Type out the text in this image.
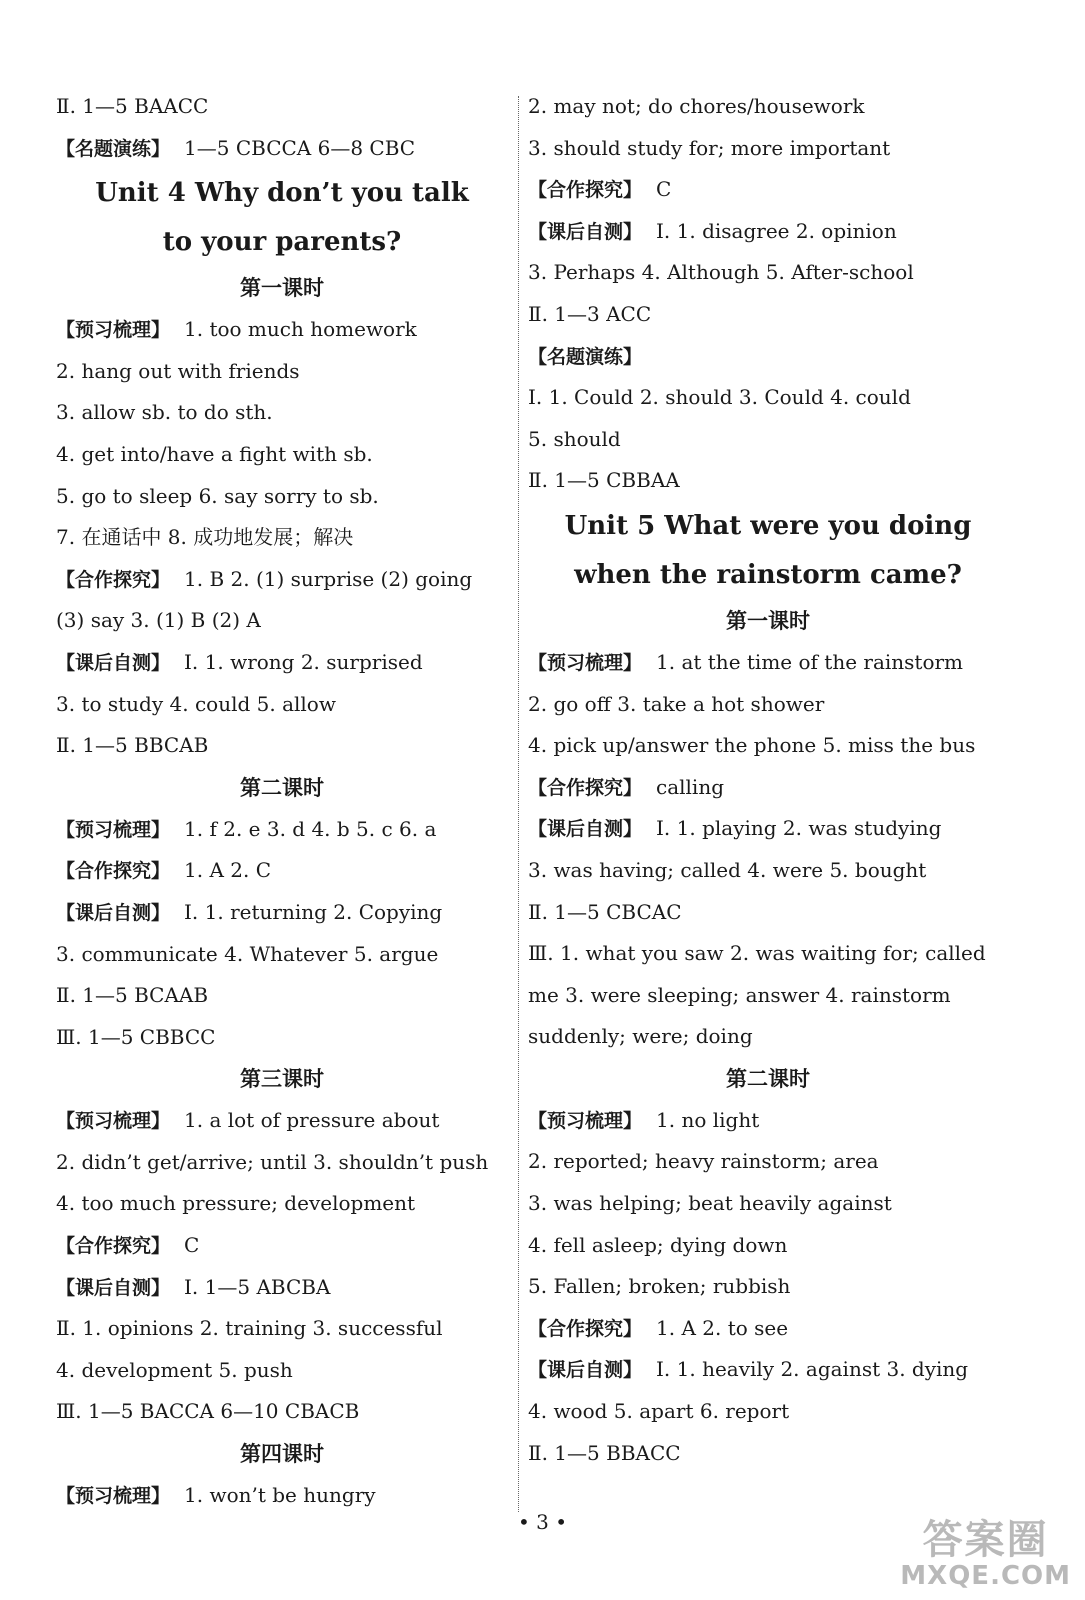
Ⅱ. 1—5 BAACC
【名题演练】 1—5 CBCCA 6—8 CBC
Unit 4 Why don’t you talk
to your parents?
第一课时
【预习梳理】 1. too much homework
2. hang out with friends
3. allow sb. to do sth.
4. get into/have a fight with sb.
5. go to sleep 6. say sorry to sb.
7. 在通话中 8. 成功地发展；解决
【合作探究】 1. B 2. (1) surprise (2) going
(3) say 3. (1) B (2) A
【课后自测】 Ⅰ. 1. wrong 2. surprised
3. to study 4. could 5. allow
Ⅱ. 1—5 BBCAB
第二课时
【预习梳理】 1. f 2. e 3. d 4. b 5. c 6. a
【合作探究】 1. A 2. C
【课后自测】 Ⅰ. 1. returning 2. Copying
3. communicate 4. Whatever 5. argue
Ⅱ. 1—5 BCAAB
Ⅲ. 1—5 CBBCC
第三课时
【预习梳理】 1. a lot of pressure about
2. didn’t get/arrive; until 3. shouldn’t push
4. too much pressure; development
【合作探究】 C
【课后自测】 Ⅰ. 1—5 ABCBA
Ⅱ. 1. opinions 2. training 3. successful
4. development 5. push
Ⅲ. 1—5 BACCA 6—10 CBACB
第四课时
【预习梳理】 1. won’t be hungry
2. may not; do chores/housework
3. should study for; more important
【合作探究】 C
【课后自测】 Ⅰ. 1. disagree 2. opinion
3. Perhaps 4. Although 5. After-school
Ⅱ. 1—3 ACC
【名题演练】
Ⅰ. 1. Could 2. should 3. Could 4. could
5. should
Ⅱ. 1—5 CBBAA
Unit 5 What were you doing
when the rainstorm came?
第一课时
【预习梳理】 1. at the time of the rainstorm
2. go off 3. take a hot shower
4. pick up/answer the phone 5. miss the bus
【合作探究】 calling
【课后自测】 Ⅰ. 1. playing 2. was studying
3. was having; called 4. were 5. bought
Ⅱ. 1—5 CBCAC
Ⅲ. 1. what you saw 2. was waiting for; called
me 3. were sleeping; answer 4. rainstorm
suddenly; were; doing
第二课时
【预习梳理】 1. no light
2. reported; heavy rainstorm; area
3. was helping; beat heavily against
4. fell asleep; dying down
5. Fallen; broken; rubbish
【合作探究】 1. A 2. to see
【课后自测】 Ⅰ. 1. heavily 2. against 3. dying
4. wood 5. apart 6. report
Ⅱ. 1—5 BBACC
• 3 •	答案圈
MXQE.COM
